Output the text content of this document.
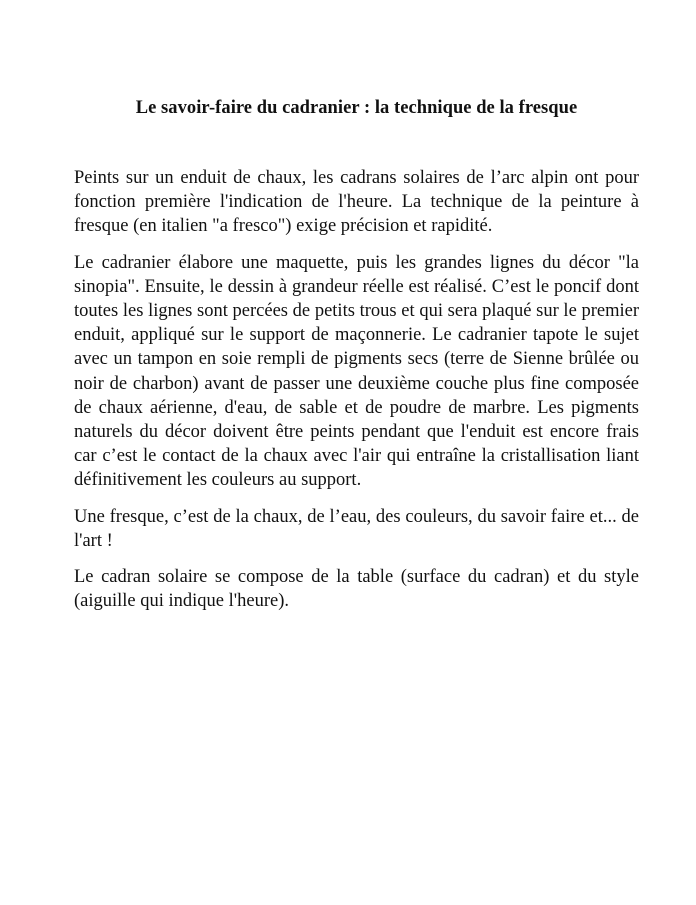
Le savoir-faire du cadranier : la technique de la fresque

Peints sur un enduit de chaux, les cadrans solaires de l’arc alpin ont pour fonction première l'indication de l'heure. La technique de la peinture à fresque (en italien "a fresco") exige précision et rapidité.

Le cadranier élabore une maquette, puis les grandes lignes du décor "la sinopia". Ensuite, le dessin à grandeur réelle est réalisé. C’est le poncif dont toutes les lignes sont percées de petits trous et qui sera plaqué sur le premier enduit, appliqué sur le support de maçonnerie. Le cadranier tapote le sujet avec un tampon en soie rempli de pigments secs (terre de Sienne brûlée ou noir de charbon) avant de passer une deuxième couche plus fine composée de chaux aérienne, d'eau, de sable et de poudre de marbre. Les pigments naturels du décor doivent être peints pendant que l'enduit est encore frais car c’est le contact de la chaux avec l'air qui entraîne la cristallisation liant définitivement les couleurs au support.

Une fresque, c’est de la chaux, de l’eau, des couleurs, du savoir faire et... de l'art !

Le cadran solaire se compose de la table (surface du cadran) et du style (aiguille qui indique l'heure).
